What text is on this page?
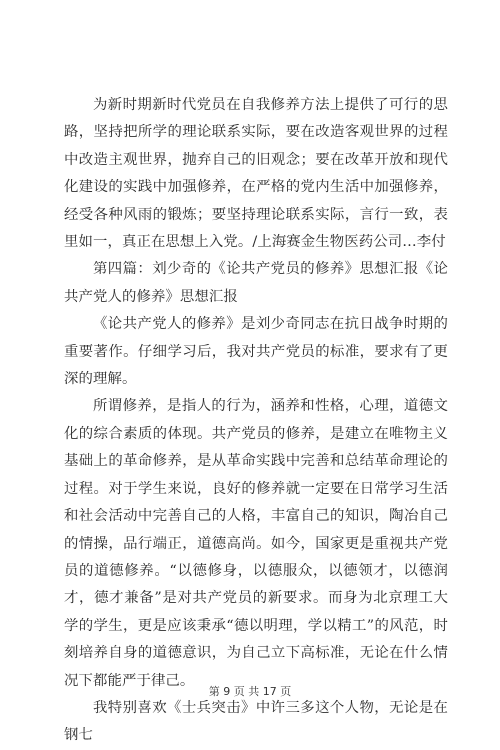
为新时期新时代党员在自我修养方法上提供了可行的思路，坚持把所学的理论联系实际，要在改造客观世界的过程中改造主观世界，抛弃自己的旧观念；要在改革开放和现代化建设的实践中加强修养，在严格的党内生活中加强修养，经受各种风雨的锻炼；要坚持理论联系实际，言行一致，表里如一，真正在思想上入党。/上海赛金生物医药公司…李付

第四篇：刘少奇的《论共产党员的修养》思想汇报《论共产党人的修养》思想汇报

《论共产党人的修养》是刘少奇同志在抗日战争时期的重要著作。仔细学习后，我对共产党员的标准，要求有了更深的理解。

所谓修养，是指人的行为，涵养和性格，心理，道德文化的综合素质的体现。共产党员的修养，是建立在唯物主义基础上的革命修养，是从革命实践中完善和总结革命理论的过程。对于学生来说，良好的修养就一定要在日常学习生活和社会活动中完善自己的人格，丰富自己的知识，陶冶自己的情操，品行端正，道德高尚。如今，国家更是重视共产党员的道德修养。“以德修身，以德服众，以德领才，以德润才，德才兼备”是对共产党员的新要求。而身为北京理工大学的学生，更是应该秉承“德以明理，学以精工”的风范，时刻培养自身的道德意识，为自己立下高标准，无论在什么情况下都能严于律己。

我特别喜欢《士兵突击》中许三多这个人物，无论是在钢七

第 9 页 共 17 页
